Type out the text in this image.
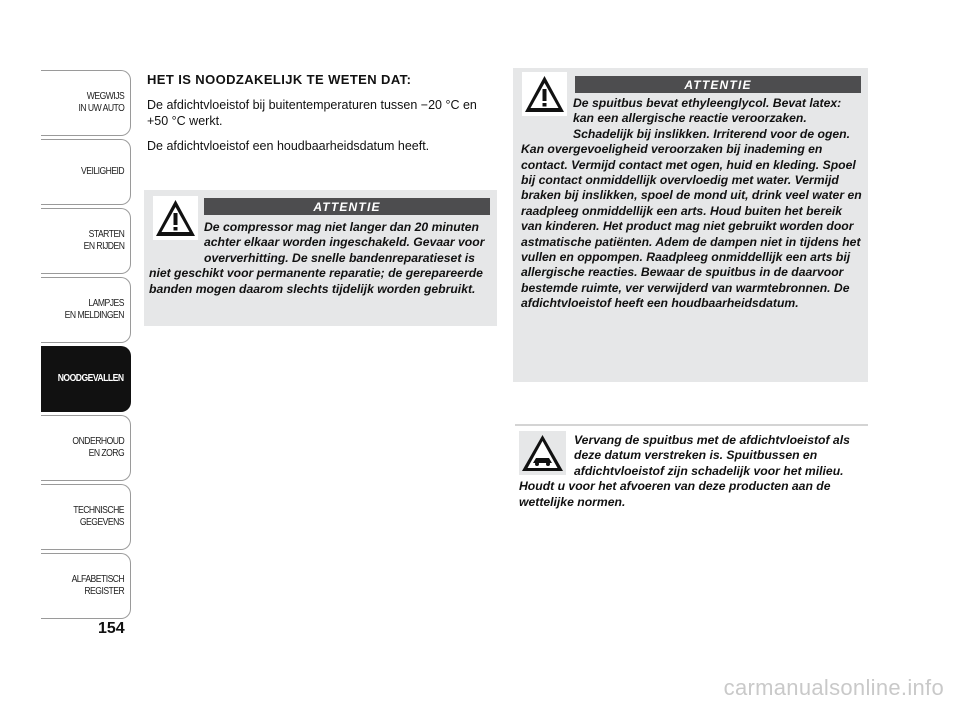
WEGWIJS
IN UW AUTO
VEILIGHEID
STARTEN
EN RIJDEN
LAMPJES
EN MELDINGEN
NOODGEVALLEN
ONDERHOUD
EN ZORG
TECHNISCHE
GEGEVENS
ALFABETISCH
REGISTER
154
HET IS NOODZAKELIJK TE WETEN DAT:
De afdichtvloeistof bij buitentemperaturen tussen −20 °C en +50 °C werkt.
De afdichtvloeistof een houdbaarheidsdatum heeft.
ATTENTIE
De compressor mag niet langer dan 20 minuten achter elkaar worden ingeschakeld. Gevaar voor oververhitting. De snelle bandenreparatieset is niet geschikt voor permanente reparatie; de gerepareerde banden mogen daarom slechts tijdelijk worden gebruikt.
ATTENTIE
De spuitbus bevat ethyleenglycol. Bevat latex: kan een allergische reactie veroorzaken. Schadelijk bij inslikken. Irriterend voor de ogen. Kan overgevoeligheid veroorzaken bij inademing en contact. Vermijd contact met ogen, huid en kleding. Spoel bij contact onmiddellijk overvloedig met water. Vermijd braken bij inslikken, spoel de mond uit, drink veel water en raadpleeg onmiddellijk een arts. Houd buiten het bereik van kinderen. Het product mag niet gebruikt worden door astmatische patiënten. Adem de dampen niet in tijdens het vullen en oppompen. Raadpleeg onmiddellijk een arts bij allergische reacties. Bewaar de spuitbus in de daarvoor bestemde ruimte, ver verwijderd van warmtebronnen. De afdichtvloeistof heeft een houdbaarheidsdatum.
Vervang de spuitbus met de afdichtvloeistof als deze datum verstreken is. Spuitbussen en afdichtvloeistof zijn schadelijk voor het milieu. Houdt u voor het afvoeren van deze producten aan de wettelijke normen.
carmanualsonline.info
